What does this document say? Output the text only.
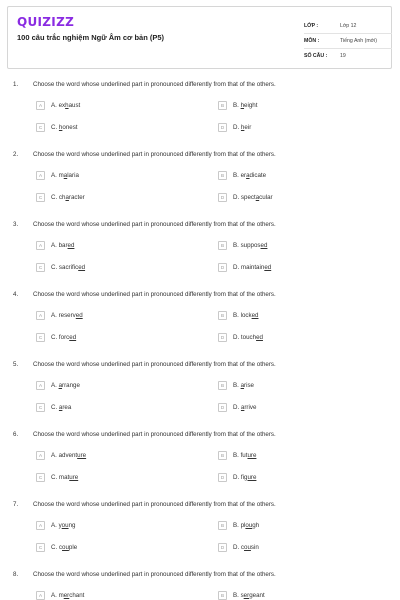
QUIZIZZ
100 câu trắc nghiệm Ngữ Âm cơ bản (P5)
LỚP :	Lớp 12
MÔN :	Tiếng Anh (mới)
SỐ CÂU : 19
1. Choose the word whose underlined part in pronounced differently from that of the others.
A	A. exhaust	B	B. height
C	C. honest	D	D. heir
2. Choose the word whose underlined part in pronounced differently from that of the others.
A	A. malaria	B	B. eradicate
C	C. character	D	D. spectacular
3. Choose the word whose underlined part in pronounced differently from that of the others.
A	A. bared	B	B. supposed
C	C. sacrificed	D	D. maintained
4. Choose the word whose underlined part in pronounced differently from that of the others.
A	A. reserved	B	B. locked
C	C. forced	D	D. touched
5. Choose the word whose underlined part in pronounced differently from that of the others.
A	A. arrange	B	B. arise
C	C. area	D	D. arrive
6. Choose the word whose underlined part in pronounced differently from that of the others.
A	A. adventure	B	B. future
C	C. mature	D	D. figure
7. Choose the word whose underlined part in pronounced differently from that of the others.
A	A. young	B	B. plough
C	C. couple	D	D. cousin
8. Choose the word whose underlined part in pronounced differently from that of the others.
A	A. merchant	B	B. sergeant
